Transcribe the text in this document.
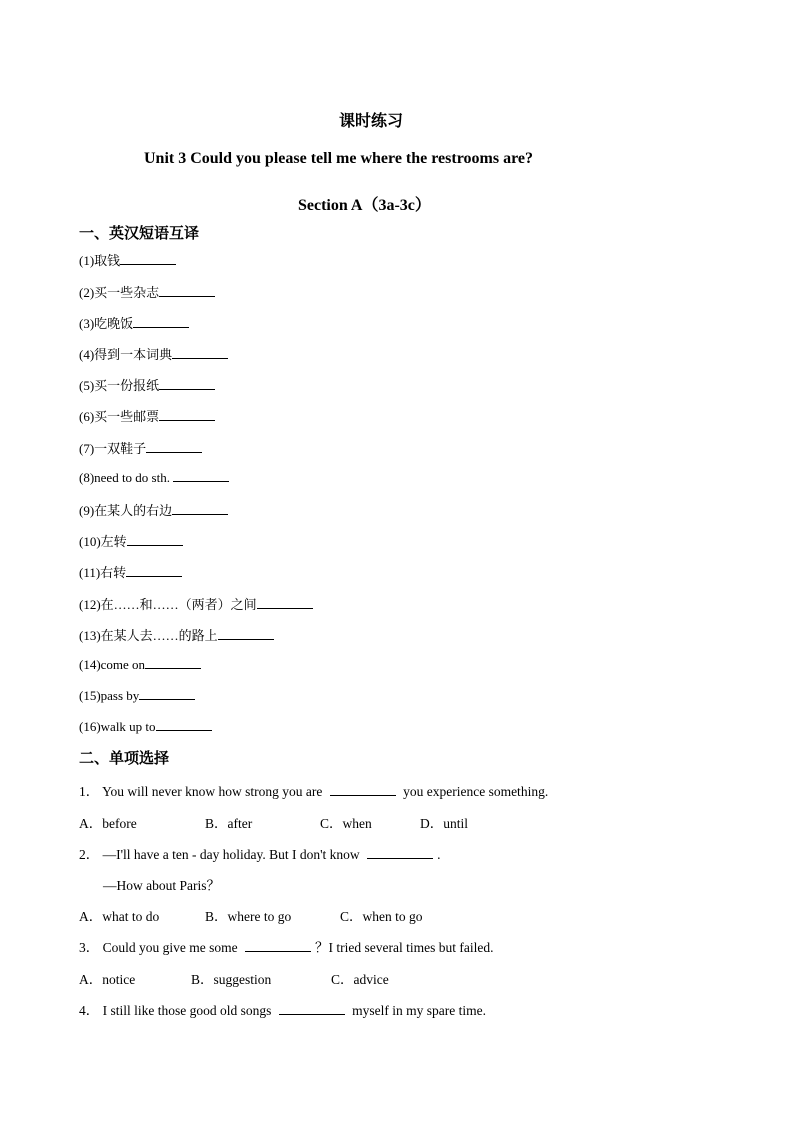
课时练习
Unit 3 Could you please tell me where the restrooms are?
Section A（3a-3c）
一、英汉短语互译
(1)取钱
(2)买一些杂志
(3)吃晚饭
(4)得到一本词典
(5)买一份报纸
(6)买一些邮票
(7)一双鞋子
(8)need to do sth.
(9)在某人的右边
(10)左转
(11)右转
(12)在……和……（两者）之间
(13)在某人去……的路上
(14)come on
(15)pass by
(16)walk up to
二、单项选择
1． You will never know how strong you are	you experience something.
A．before	B．after	C．when	D．until
2． —I'll have a ten - day holiday. But I don't know	.
—How about Paris？
A．what to do	B．where to go	C．when to go
3． Could you give me some	？I tried several times but failed.
A．notice	B．suggestion	C．advice
4． I still like those good old songs	myself in my spare time.
